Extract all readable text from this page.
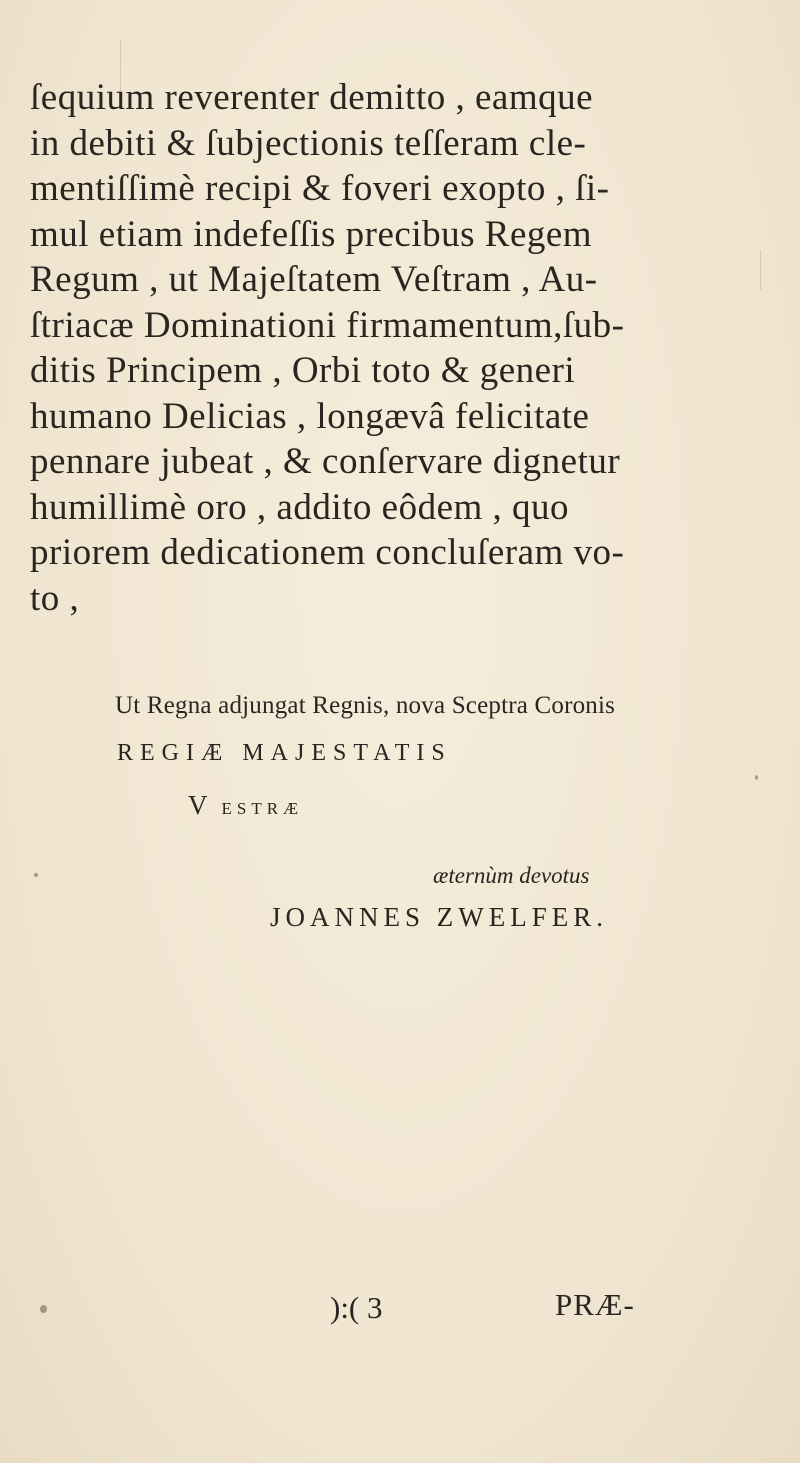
ſequium reverenter demitto , eamque
in debiti & ſubjectionis teſſeram cle-
mentiſſimè recipi & foveri exopto , ſi-
mul etiam indefeſſis precibus Regem
Regum , ut Majeſtatem Veſtram , Au-
ſtriacæ Dominationi firmamentum,ſub-
ditis Principem , Orbi toto & generi
humano Delicias , longævâ felicitate
pennare jubeat , & conſervare dignetur
humillimè oro , addito eôdem , quo
priorem dedicationem concluſeram vo-
to ,
Ut Regna adjungat Regnis, nova Sceptra Coronis
REGIÆ MAJESTATIS
V ESTRÆ
æternùm devotus
JOANNES ZWELFER.
):( 3	PRÆ-
